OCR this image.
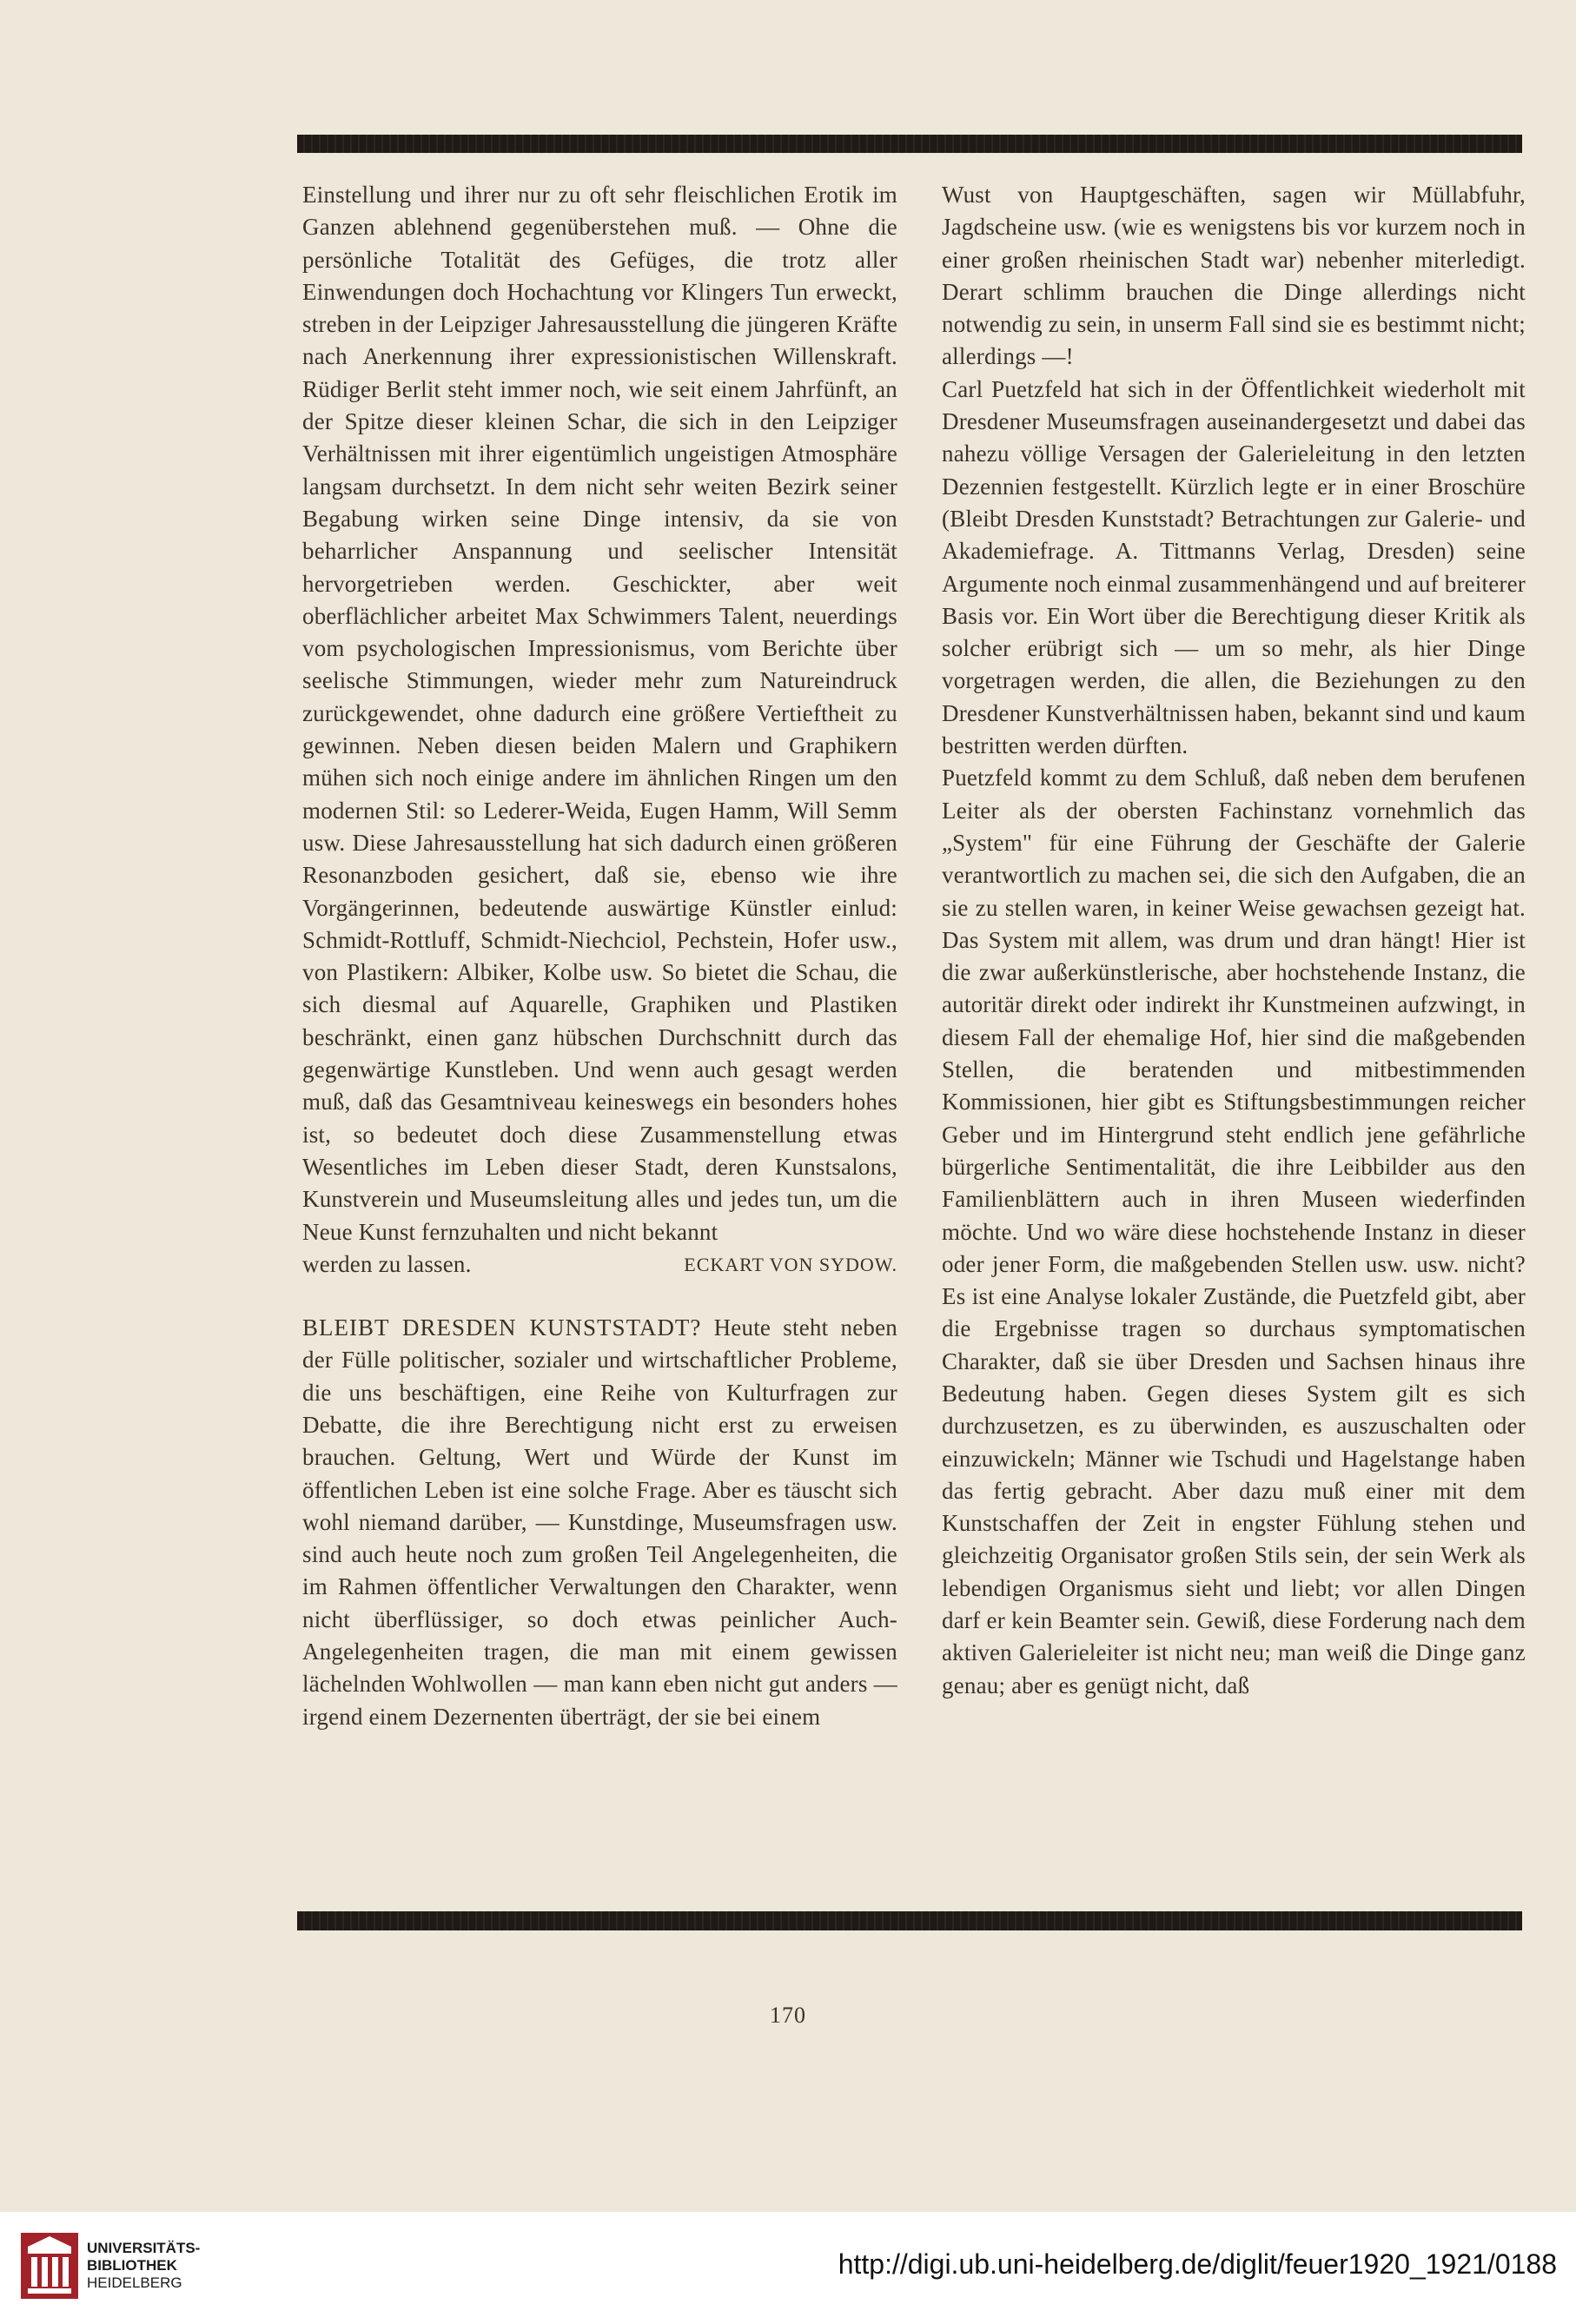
Einstellung und ihrer nur zu oft sehr fleischlichen Erotik im Ganzen ablehnend gegenüberstehen muß. — Ohne die persönliche Totalität des Gefüges, die trotz aller Einwendungen doch Hochachtung vor Klingers Tun erweckt, streben in der Leipziger Jahresausstellung die jüngeren Kräfte nach Anerkennung ihrer expressionistischen Willenskraft. Rüdiger Berlit steht immer noch, wie seit einem Jahrfünft, an der Spitze dieser kleinen Schar, die sich in den Leipziger Verhältnissen mit ihrer eigentümlich ungeistigen Atmosphäre langsam durchsetzt. In dem nicht sehr weiten Bezirk seiner Begabung wirken seine Dinge intensiv, da sie von beharrlicher Anspannung und seelischer Intensität hervorgetrieben werden. Geschickter, aber weit oberflächlicher arbeitet Max Schwimmers Talent, neuerdings vom psychologischen Impressionismus, vom Berichte über seelische Stimmungen, wieder mehr zum Natureindruck zurückgewendet, ohne dadurch eine größere Vertieftheit zu gewinnen. Neben diesen beiden Malern und Graphikern mühen sich noch einige andere im ähnlichen Ringen um den modernen Stil: so Lederer-Weida, Eugen Hamm, Will Semm usw. Diese Jahresausstellung hat sich dadurch einen größeren Resonanzboden gesichert, daß sie, ebenso wie ihre Vorgängerinnen, bedeutende auswärtige Künstler einlud: Schmidt-Rottluff, Schmidt-Niechciol, Pechstein, Hofer usw., von Plastikern: Albiker, Kolbe usw. So bietet die Schau, die sich diesmal auf Aquarelle, Graphiken und Plastiken beschränkt, einen ganz hübschen Durchschnitt durch das gegenwärtige Kunstleben. Und wenn auch gesagt werden muß, daß das Gesamtniveau keineswegs ein besonders hohes ist, so bedeutet doch diese Zusammenstellung etwas Wesentliches im Leben dieser Stadt, deren Kunstsalons, Kunstverein und Museumsleitung alles und jedes tun, um die Neue Kunst fernzuhalten und nicht bekannt

werden zu lassen.	ECKART VON SYDOW.

BLEIBT DRESDEN KUNSTSTADT? Heute steht neben der Fülle politischer, sozialer und wirtschaftlicher Probleme, die uns beschäftigen, eine Reihe von Kulturfragen zur Debatte, die ihre Berechtigung nicht erst zu erweisen brauchen. Geltung, Wert und Würde der Kunst im öffentlichen Leben ist eine solche Frage. Aber es täuscht sich wohl niemand darüber, — Kunstdinge, Museumsfragen usw. sind auch heute noch zum großen Teil Angelegenheiten, die im Rahmen öffentlicher Verwaltungen den Charakter, wenn nicht überflüssiger, so doch etwas peinlicher Auch-Angelegenheiten tragen, die man mit einem gewissen lächelnden Wohlwollen — man kann eben nicht gut anders — irgend einem Dezernenten überträgt, der sie bei einem

Wust von Hauptgeschäften, sagen wir Müllabfuhr, Jagdscheine usw. (wie es wenigstens bis vor kurzem noch in einer großen rheinischen Stadt war) nebenher miterledigt. Derart schlimm brauchen die Dinge allerdings nicht notwendig zu sein, in unserm Fall sind sie es bestimmt nicht; allerdings —!

Carl Puetzfeld hat sich in der Öffentlichkeit wiederholt mit Dresdener Museumsfragen auseinandergesetzt und dabei das nahezu völlige Versagen der Galerieleitung in den letzten Dezennien festgestellt. Kürzlich legte er in einer Broschüre (Bleibt Dresden Kunststadt? Betrachtungen zur Galerie- und Akademiefrage. A. Tittmanns Verlag, Dresden) seine Argumente noch einmal zusammenhängend und auf breiterer Basis vor. Ein Wort über die Berechtigung dieser Kritik als solcher erübrigt sich — um so mehr, als hier Dinge vorgetragen werden, die allen, die Beziehungen zu den Dresdener Kunstverhältnissen haben, bekannt sind und kaum bestritten werden dürften.

Puetzfeld kommt zu dem Schluß, daß neben dem berufenen Leiter als der obersten Fachinstanz vornehmlich das „System" für eine Führung der Geschäfte der Galerie verantwortlich zu machen sei, die sich den Aufgaben, die an sie zu stellen waren, in keiner Weise gewachsen gezeigt hat. Das System mit allem, was drum und dran hängt! Hier ist die zwar außerkünstlerische, aber hochstehende Instanz, die autoritär direkt oder indirekt ihr Kunstmeinen aufzwingt, in diesem Fall der ehemalige Hof, hier sind die maßgebenden Stellen, die beratenden und mitbestimmenden Kommissionen, hier gibt es Stiftungsbestimmungen reicher Geber und im Hintergrund steht endlich jene gefährliche bürgerliche Sentimentalität, die ihre Leibbilder aus den Familienblättern auch in ihren Museen wiederfinden möchte. Und wo wäre diese hochstehende Instanz in dieser oder jener Form, die maßgebenden Stellen usw. usw. nicht? Es ist eine Analyse lokaler Zustände, die Puetzfeld gibt, aber die Ergebnisse tragen so durchaus symptomatischen Charakter, daß sie über Dresden und Sachsen hinaus ihre Bedeutung haben. Gegen dieses System gilt es sich durchzusetzen, es zu überwinden, es auszuschalten oder einzuwickeln; Männer wie Tschudi und Hagelstange haben das fertig gebracht. Aber dazu muß einer mit dem Kunstschaffen der Zeit in engster Fühlung stehen und gleichzeitig Organisator großen Stils sein, der sein Werk als lebendigen Organismus sieht und liebt; vor allen Dingen darf er kein Beamter sein. Gewiß, diese Forderung nach dem aktiven Galerieleiter ist nicht neu; man weiß die Dinge ganz genau; aber es genügt nicht, daß

170
UNIVERSITÄTS-
BIBLIOTHEK
HEIDELBERG
http://digi.ub.uni-heidelberg.de/diglit/feuer1920_1921/0188
